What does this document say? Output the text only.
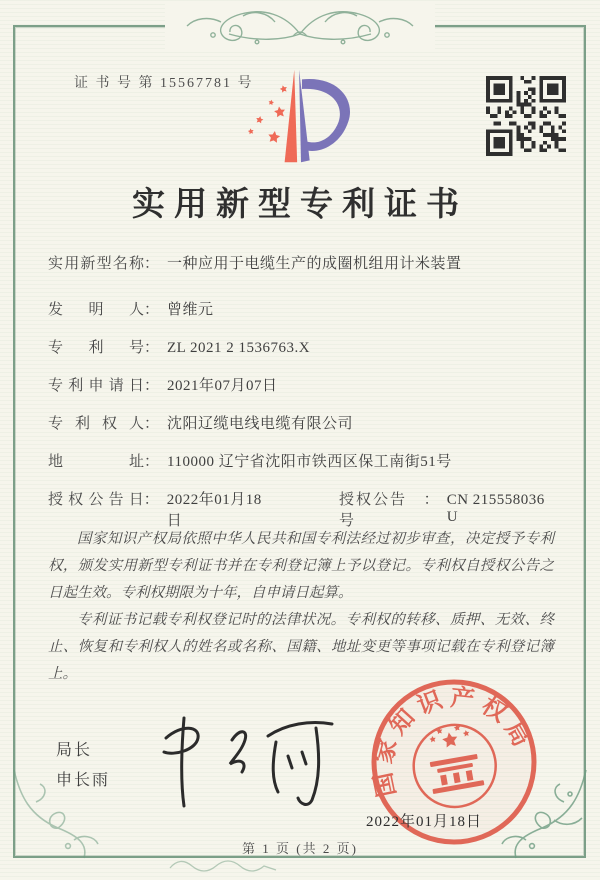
证 书 号 第 15567781 号
实用新型专利证书
实用新型名称 ： 一种应用于电缆生产的成圈机组用计米装置
发明人 ： 曾维元
专利号 ： ZL 2021 2 1536763.X
专利申请日 ： 2021年07月07日
专利权人 ： 沈阳辽缆电线电缆有限公司
地址 ： 110000 辽宁省沈阳市铁西区保工南街51号
授权公告日 ： 2022年01月18日
授权公告号
： CN 215558036 U

国家知识产权局依照中华人民共和国专利法经过初步审查，决定授予专利权，颁发实用新型专利证书并在专利登记簿上予以登记。专利权自授权公告之日起生效。专利权期限为十年，自申请日起算。

专利证书记载专利权登记时的法律状况。专利权的转移、质押、无效、终止、恢复和专利权人的姓名或名称、国籍、地址变更等事项记载在专利登记簿上。

局长
申长雨	国 家 知 识 产 权 局
2022年01月18日
第 1 页 (共 2 页)
